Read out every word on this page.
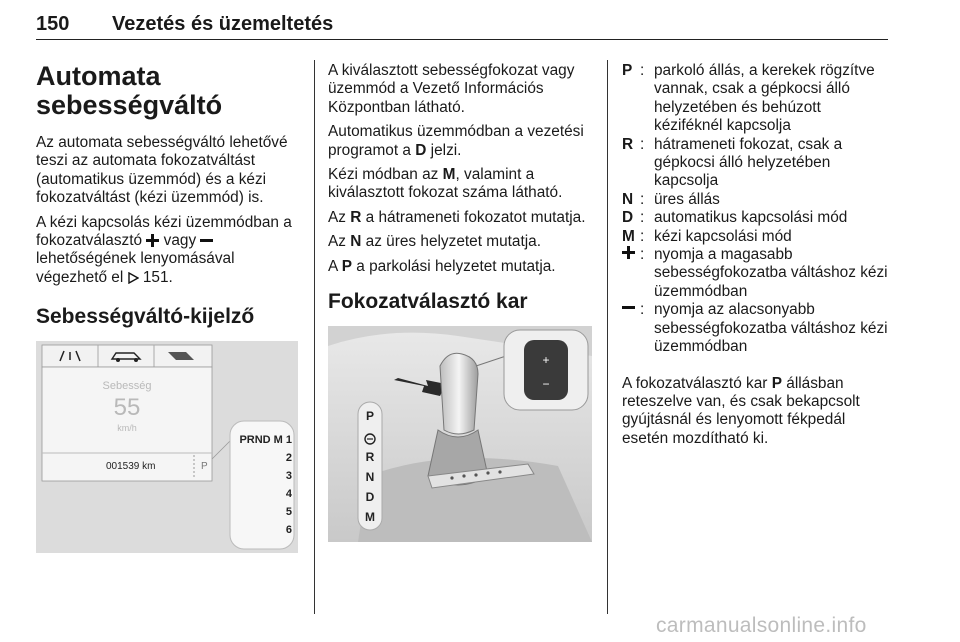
150 Vezetés és üzemeltetés
Automata
sebességváltó

Az automata sebességváltó lehetővé teszi az automata fokozatváltást (automatikus üzemmód) és a kézi fokozatváltást (kézi üzemmód) is.

A kézi kapcsolás kézi üzemmódban a fokozatválasztó  vagy  lehetőségének lenyomásával végezhető el  151.

Sebességváltó-kijelző
Sebesség
55
km/h
001539 km	P
PRND M 1
2
3
4
5
6

A kiválasztott sebességfokozat vagy üzemmód a Vezető Információs Központban látható.

Automatikus üzemmódban a vezetési programot a D jelzi.

Kézi módban az M, valamint a kiválasztott fokozat száma látható.

Az R a hátrameneti fokozatot mutatja.

Az N az üres helyzetet mutatja.

A P a parkolási helyzetet mutatja.

Fokozatválasztó kar
+
−
P
R
N
D
M
P : parkoló állás, a kerekek rögzítve vannak, csak a gépkocsi álló helyzetében és behúzott kéziféknél kapcsolja
R : hátrameneti fokozat, csak a gépkocsi álló helyzetében kapcsolja
N : üres állás
D : automatikus kapcsolási mód
M : kézi kapcsolási mód
: nyomja a magasabb sebességfokozatba váltáshoz kézi üzemmódban
: nyomja az alacsonyabb sebességfokozatba váltáshoz kézi üzemmódban

A fokozatválasztó kar P állásban reteszelve van, és csak bekapcsolt gyújtásnál és lenyomott fékpedál esetén mozdítható ki.

carmanualsonline.info
